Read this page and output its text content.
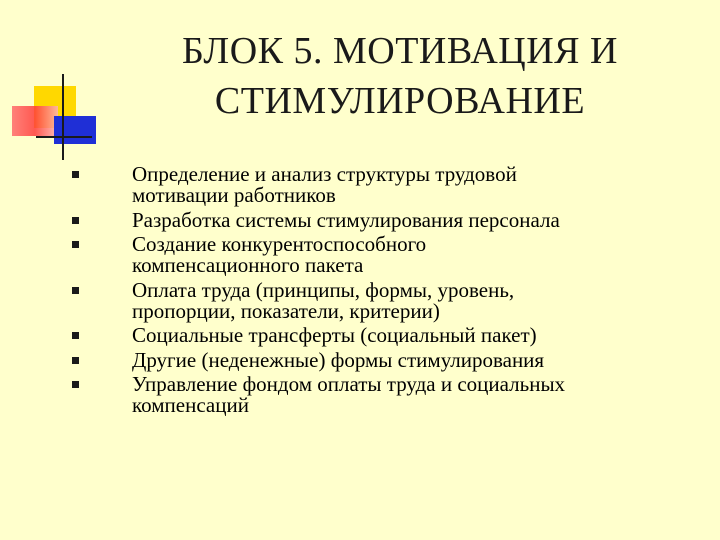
БЛОК 5. МОТИВАЦИЯ И
СТИМУЛИРОВАНИЕ
Определение и анализ структуры трудовой
мотивации работников
Разработка системы стимулирования персонала
Создание конкурентоспособного
компенсационного пакета
Оплата труда (принципы, формы, уровень,
пропорции, показатели, критерии)
Социальные трансферты (социальный пакет)
Другие (неденежные) формы стимулирования
Управление фондом оплаты труда и социальных
компенсаций
